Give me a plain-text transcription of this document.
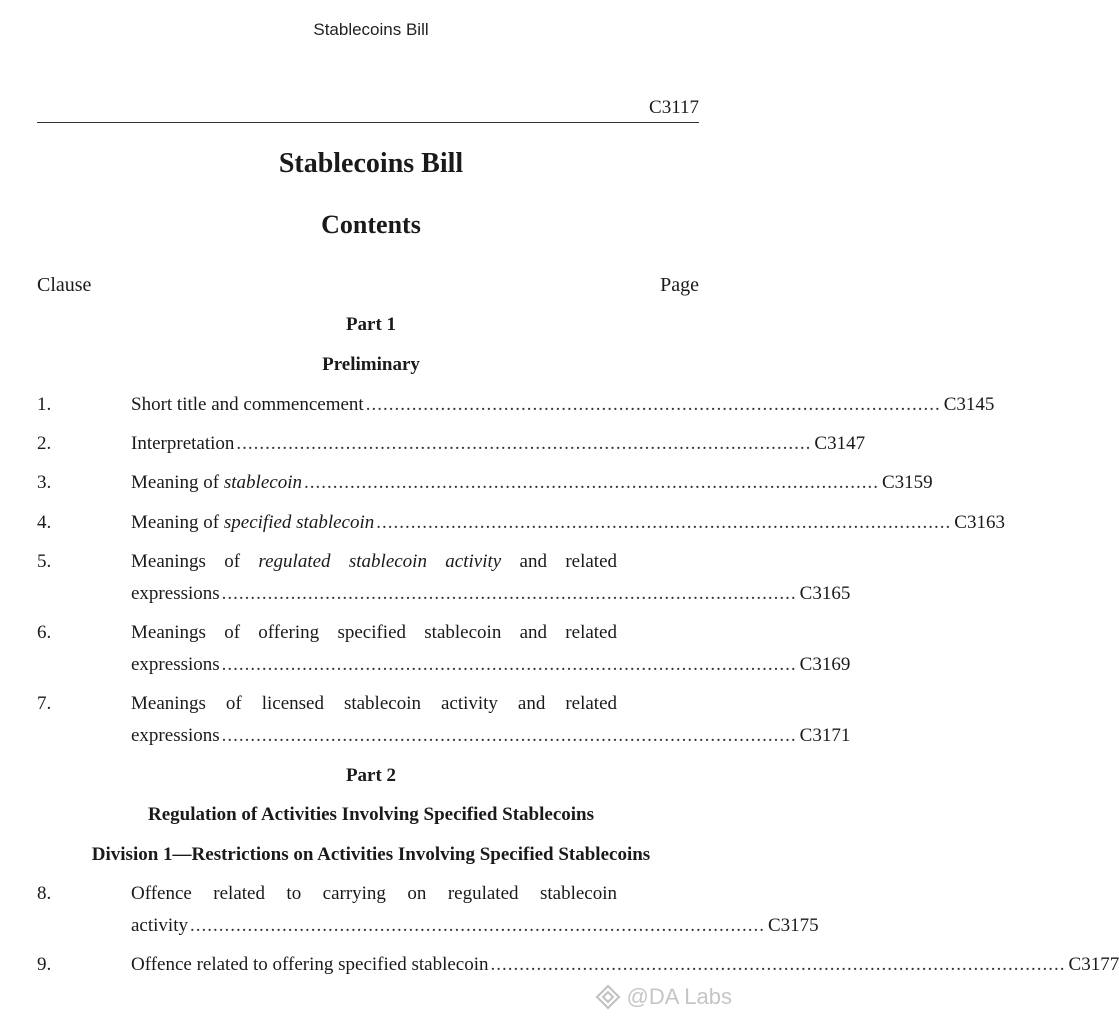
Stablecoins Bill
C3117
Stablecoins Bill
Contents
Clause	Page
Part 1
Preliminary
1.	Short title and commencement .................................................................................................... C3145
2.	Interpretation .................................................................................................... C3147
3.	Meaning of stablecoin .................................................................................................... C3159
4.	Meaning of specified stablecoin .................................................................................................... C3163
5.	Meanings of regulated stablecoin activity and related
expressions .................................................................................................... C3165
6.	Meanings of offering specified stablecoin and related
expressions .................................................................................................... C3169
7.	Meanings of licensed stablecoin activity and related
expressions .................................................................................................... C3171
Part 2
Regulation of Activities Involving Specified Stablecoins
Division 1—Restrictions on Activities Involving Specified Stablecoins
8.	Offence related to carrying on regulated stablecoin
activity .................................................................................................... C3175
9.	Offence related to offering specified stablecoin .................................................................................................... C3177
@DA Labs
